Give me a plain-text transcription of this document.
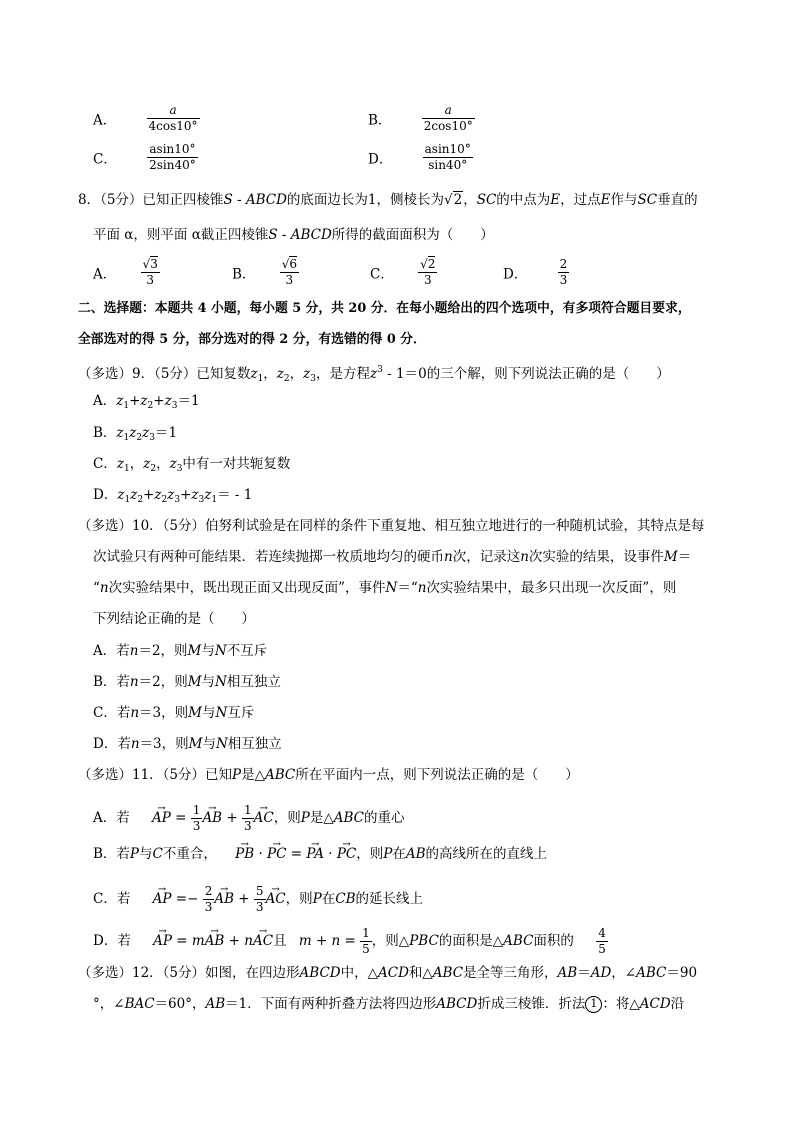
A．	$\frac{a}{4\cos 10^\circ}$	B．	$\frac{a}{2\cos 10^\circ}$
C．	$\frac{asin10^\circ}{2\sin 40^\circ}$	D．	$\frac{asin10^\circ}{\sin 40^\circ}$
8．（5分）已知正四棱锥S - ABCD的底面边长为1，侧棱长为√2，SC的中点为E，过点E作与SC垂直的
平面 α，则平面 α截正四棱锥S - ABCD所得的截面面积为（　　）
A． $\frac{√3}{3}$	B． $\frac{√6}{3}$	C． $\frac{√2}{3}$	D．	$\frac{2}{3}$
二、选择题：本题共 4 小题，每小题 5 分，共 20 分．在每小题给出的四个选项中，有多项符合题目要求，
全部选对的得 5 分，部分选对的得 2 分，有选错的得 0 分．
（多选）9．（5分）已知复数$z_1$，$z_2$，$z_3$，是方程$z^3 - 1=0$的三个解，则下列说法正确的是（　　）
A．$z_1+z_2+z_3=1$
B．$z_1z_2z_3=1$
C．$z_1$，$z_2$，$z_3$中有一对共轭复数
D．$z_1z_2+z_2z_3+z_3z_1= - 1$
（多选）10．（5分）伯努利试验是在同样的条件下重复地、相互独立地进行的一种随机试验，其特点是每
次试验只有两种可能结果．若连续抛掷一枚质地均匀的硬币n次，记录这n次实验的结果，设事件M＝
“n次实验结果中，既出现正面又出现反面”，事件N＝“n次实验结果中，最多只出现一次反面”，则
下列结论正确的是（　　）
A．若n＝2，则M与N不互斥
B．若n＝2，则M与N相互独立
C．若n＝3，则M与N互斥
D．若n＝3，则M与N相互独立
（多选）11．（5分）已知P是△ABC所在平面内一点，则下列说法正确的是（　　）
A．若 → AP = $\frac{1}{3}$ → AB + $\frac{1}{3}$ → AC，则P是△ABC的重心
B．若P与C不重合， → PB · → PC = → PA · → PC，则P在AB的高线所在的直线上
C．若 → AP =− $\frac{2}{3}$ → AB + $\frac{5}{3}$ → AC，则P在CB的延长线上
D．若 → AP = m→ AB + n→ AC且 $m + n = \frac{1}{5}$ ，则△PBC的面积是△ABC面积的 $\frac{4}{5}$
（多选）12．（5分）如图，在四边形ABCD中，△ACD和△ABC是全等三角形，AB＝AD，∠ABC＝90
°，∠BAC＝60°，AB＝1．下面有两种折叠方法将四边形ABCD折成三棱锥．折法 1 ：将△ACD沿
